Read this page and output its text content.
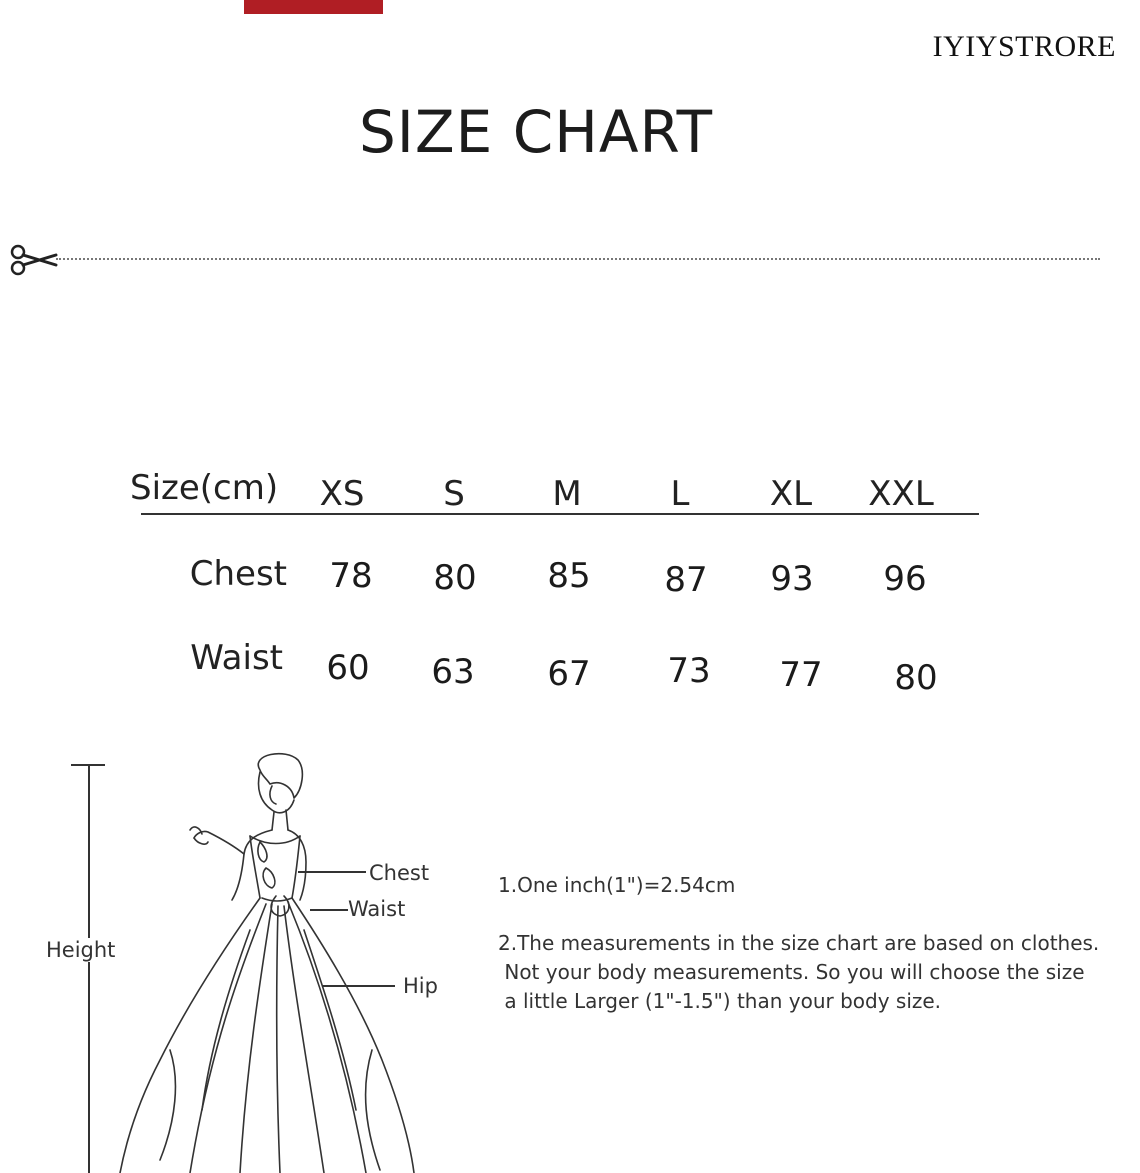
IYIYSTRORE
SIZE CHART
Size(cm)	XS	S	M	L	XL	XXL
Chest	78	80	85	87	93	96
Waist	60	63	67	73	77	80
Height
Chest
Waist
Hip
1.One inch(1")=2.54cm
2.The measurements in the size chart are based on clothes.
Not your body measurements. So you will choose the size
a little Larger (1"-1.5") than your body size.
